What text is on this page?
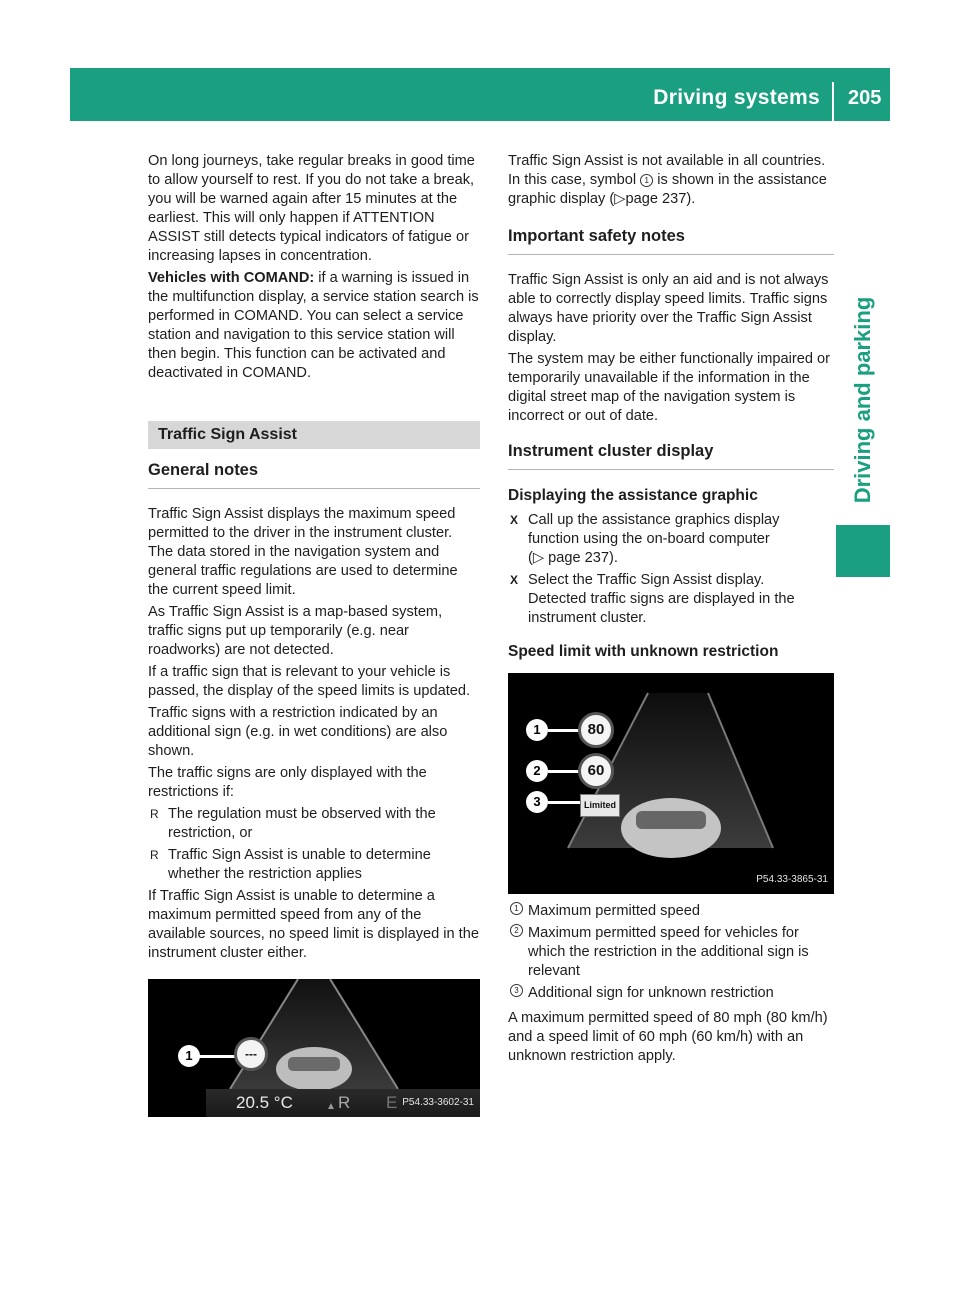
Driving systems 205
Driving and parking

On long journeys, take regular breaks in good time to allow yourself to rest. If you do not take a break, you will be warned again after 15 minutes at the earliest. This will only happen if ATTENTION ASSIST still detects typical indicators of fatigue or increasing lapses in concentration.

Vehicles with COMAND: if a warning is issued in the multifunction display, a service station search is performed in COMAND. You can select a service station and navigation to this service station will then begin. This function can be activated and deactivated in COMAND.

Traffic Sign Assist
General notes

Traffic Sign Assist displays the maximum speed permitted to the driver in the instrument cluster. The data stored in the navigation system and general traffic regulations are used to determine the current speed limit.

As Traffic Sign Assist is a map-based system, traffic signs put up temporarily (e.g. near roadworks) are not detected.

If a traffic sign that is relevant to your vehicle is passed, the display of the speed limits is updated.

Traffic signs with a restriction indicated by an additional sign (e.g. in wet conditions) are also shown.

The traffic signs are only displayed with the restrictions if:

R The regulation must be observed with the restriction, or
R Traffic Sign Assist is unable to determine whether the restriction applies

If Traffic Sign Assist is unable to determine a maximum permitted speed from any of the available sources, no speed limit is displayed in the instrument cluster either.

1	---
20.5 °C	▲ R E P54.33-3602-31

Traffic Sign Assist is not available in all countries. In this case, symbol 1 is shown in the assistance graphic display (▷page 237).

Important safety notes

Traffic Sign Assist is only an aid and is not always able to correctly display speed limits. Traffic signs always have priority over the Traffic Sign Assist display.

The system may be either functionally impaired or temporarily unavailable if the information in the digital street map of the navigation system is incorrect or out of date.

Instrument cluster display
Displaying the assistance graphic
X Call up the assistance graphics display function using the on-board computer
(▷ page 237).
X Select the Traffic Sign Assist display.
Detected traffic signs are displayed in the instrument cluster.
Speed limit with unknown restriction
1
2
3
80
60
Limited
P54.33-3865-31
1 Maximum permitted speed
2 Maximum permitted speed for vehicles for which the restriction in the additional sign is relevant
3 Additional sign for unknown restriction

A maximum permitted speed of 80 mph (80 km/h) and a speed limit of 60 mph (60 km/h) with an unknown restriction apply.
